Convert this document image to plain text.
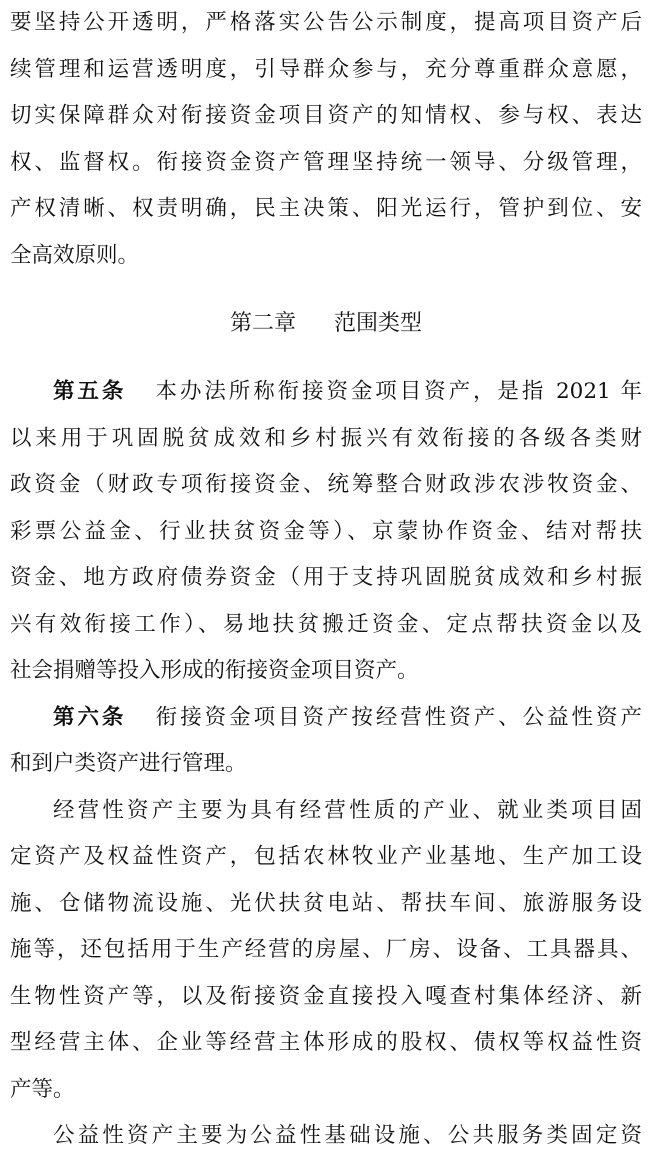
要坚持公开透明，严格落实公告公示制度，提高项目资产后
续管理和运营透明度，引导群众参与，充分尊重群众意愿，
切实保障群众对衔接资金项目资产的知情权、参与权、表达
权、监督权。衔接资金资产管理坚持统一领导、分级管理，
产权清晰、权责明确，民主决策、阳光运行，管护到位、安
全高效原则。
第二章 范围类型
第五条 本办法所称衔接资金项目资产，是指 2021 年
以来用于巩固脱贫成效和乡村振兴有效衔接的各级各类财
政资金（财政专项衔接资金、统筹整合财政涉农涉牧资金、
彩票公益金、行业扶贫资金等）、京蒙协作资金、结对帮扶
资金、地方政府债券资金（用于支持巩固脱贫成效和乡村振
兴有效衔接工作）、易地扶贫搬迁资金、定点帮扶资金以及
社会捐赠等投入形成的衔接资金项目资产。
第六条 衔接资金项目资产按经营性资产、公益性资产
和到户类资产进行管理。
经营性资产主要为具有经营性质的产业、就业类项目固
定资产及权益性资产，包括农林牧业产业基地、生产加工设
施、仓储物流设施、光伏扶贫电站、帮扶车间、旅游服务设
施等，还包括用于生产经营的房屋、厂房、设备、工具器具、
生物性资产等，以及衔接资金直接投入嘎查村集体经济、新
型经营主体、企业等经营主体形成的股权、债权等权益性资
产等。
公益性资产主要为公益性基础设施、公共服务类固定资
